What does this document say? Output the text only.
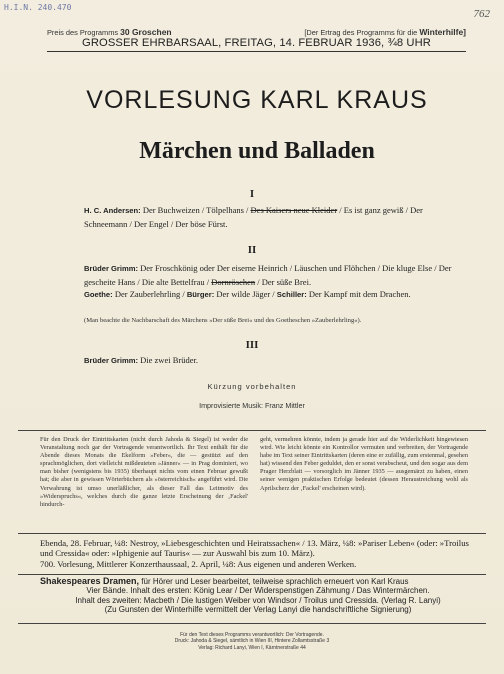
H.I.N. 240.470
762
Preis des Programms 30 Groschen	[Der Ertrag des Programms für die Winterhilfe]
GROSSER EHRBARSAAL, FREITAG, 14. FEBRUAR 1936, ¾8 UHR
VORLESUNG KARL KRAUS
Märchen und Balladen
I
H. C. Andersen: Der Buchweizen / Tölpelhans / Des Kaisers neue Kleider / Es ist ganz gewiß / Der Schneemann / Der Engel / Der böse Fürst.
II
Brüder Grimm: Der Froschkönig oder Der eiserne Heinrich / Läuschen und Flöhchen / Die kluge Else / Der gescheite Hans / Die alte Bettelfrau / Dornröschen / Der süße Brei.
Goethe: Der Zauberlehrling / Bürger: Der wilde Jäger / Schiller: Der Kampf mit dem Drachen.
(Man beachte die Nachbarschaft des Märchens »Der süße Brei« und des Goetheschen »Zauberlehrling«).
III
Brüder Grimm: Die zwei Brüder.
Kürzung vorbehalten
Improvisierte Musik: Franz Mittler
Für den Druck der Eintrittskarten (nicht durch Jahoda & Siegel) ist weder die Veranstaltung noch gar der Vortragende verantwortlich. Ihr Text enthält für die Abende dieses Monats die Ekelform »Feber«, die — gestützt auf den sprachmöglichen, dort vielleicht mißdeuteten »Jänner« — in Prag dominiert, wo man bisher (wenigstens bis 1935) überhaupt nichts vom einen Februar gewußt hat; die aber in gewissen Wörterbüchern als »österreichisch« angeführt wird. Die Verwahrung ist umso unerläßlicher, als dieser Fall das Leitmotiv des »Widerspruchs«, welches durch die ganze letzte Erscheinung der ‚Fackel' hindurch-
geht, vermehren könnte, indem ja gerade hier auf die Widerlichkeit hingewiesen wird. Wie leicht könnte ein Kontrollor vermuten und verbreiten, der Vortragende habe im Text seiner Eintrittskarten (deren eine er zufällig, zum erstenmal, gesehen hat) wissend den Feber geduldet, den er sonst verabscheut, und den sogar aus dem Prager Herzblatt — vorsorglich im Jänner 1935 — ausgemärzt zu haben, einen seiner wenigen praktischen Erfolge bedeutet (dessen Heraustreichung wohl als Aprilscherz der ‚Fackel' erscheinen wird).
Ebenda, 28. Februar, ¼8: Nestroy, »Liebesgeschichten und Heiratssachen« / 13. März, ¼8: »Pariser Leben« (oder: »Troilus und Cressida« oder: »Iphigenie auf Tauris« — zur Auswahl bis zum 10. März).
700. Vorlesung, Mittlerer Konzerthaussaal, 2. April, ¼8: Aus eigenen und anderen Werken.
Shakespeares Dramen, für Hörer und Leser bearbeitet, teilweise sprachlich erneuert von Karl Kraus
Vier Bände. Inhalt des ersten: König Lear / Der Widerspenstigen Zähmung / Das Wintermärchen.
Inhalt des zweiten: Macbeth / Die lustigen Weiber von Windsor / Troilus und Cressida. (Verlag R. Lanyi)
(Zu Gunsten der Winterhilfe vermittelt der Verlag Lanyi die handschriftliche Signierung)
Für den Text dieses Programms verantwortlich: Der Vortragende.
Druck: Jahoda & Siegel, sämtlich in Wien III, Hintere Zollamtsstraße 3
Verlag: Richard Lanyi, Wien I, Kärntnerstraße 44
